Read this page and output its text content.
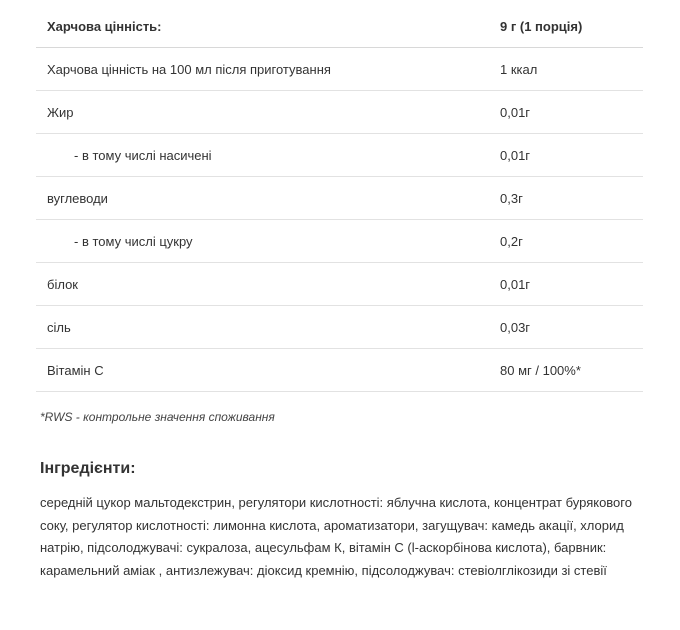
Харчова цінність:	9 г (1 порція)
Харчова цінність на 100 мл після приготування	1 ккал
Жир	0,01г
- в тому числі насичені	0,01г
вуглеводи	0,3г
- в тому числі цукру	0,2г
білок	0,01г
сіль	0,03г
Вітамін С	80 мг / 100%*
*RWS - контрольне значення споживання
Інгредієнти:

середній цукор мальтодекстрин, регулятори кислотності: яблучна кислота, концентрат бурякового соку, регулятор кислотності: лимонна кислота, ароматизатори, загущувач: камедь акації, хлорид натрію, підсолоджувачі: сукралоза, ацесульфам К, вітамін С (l-аскорбінова кислота), барвник: карамельний аміак , антизлежувач: діоксид кремнію, підсолоджувач: стевіолглікозиди зі стевії
